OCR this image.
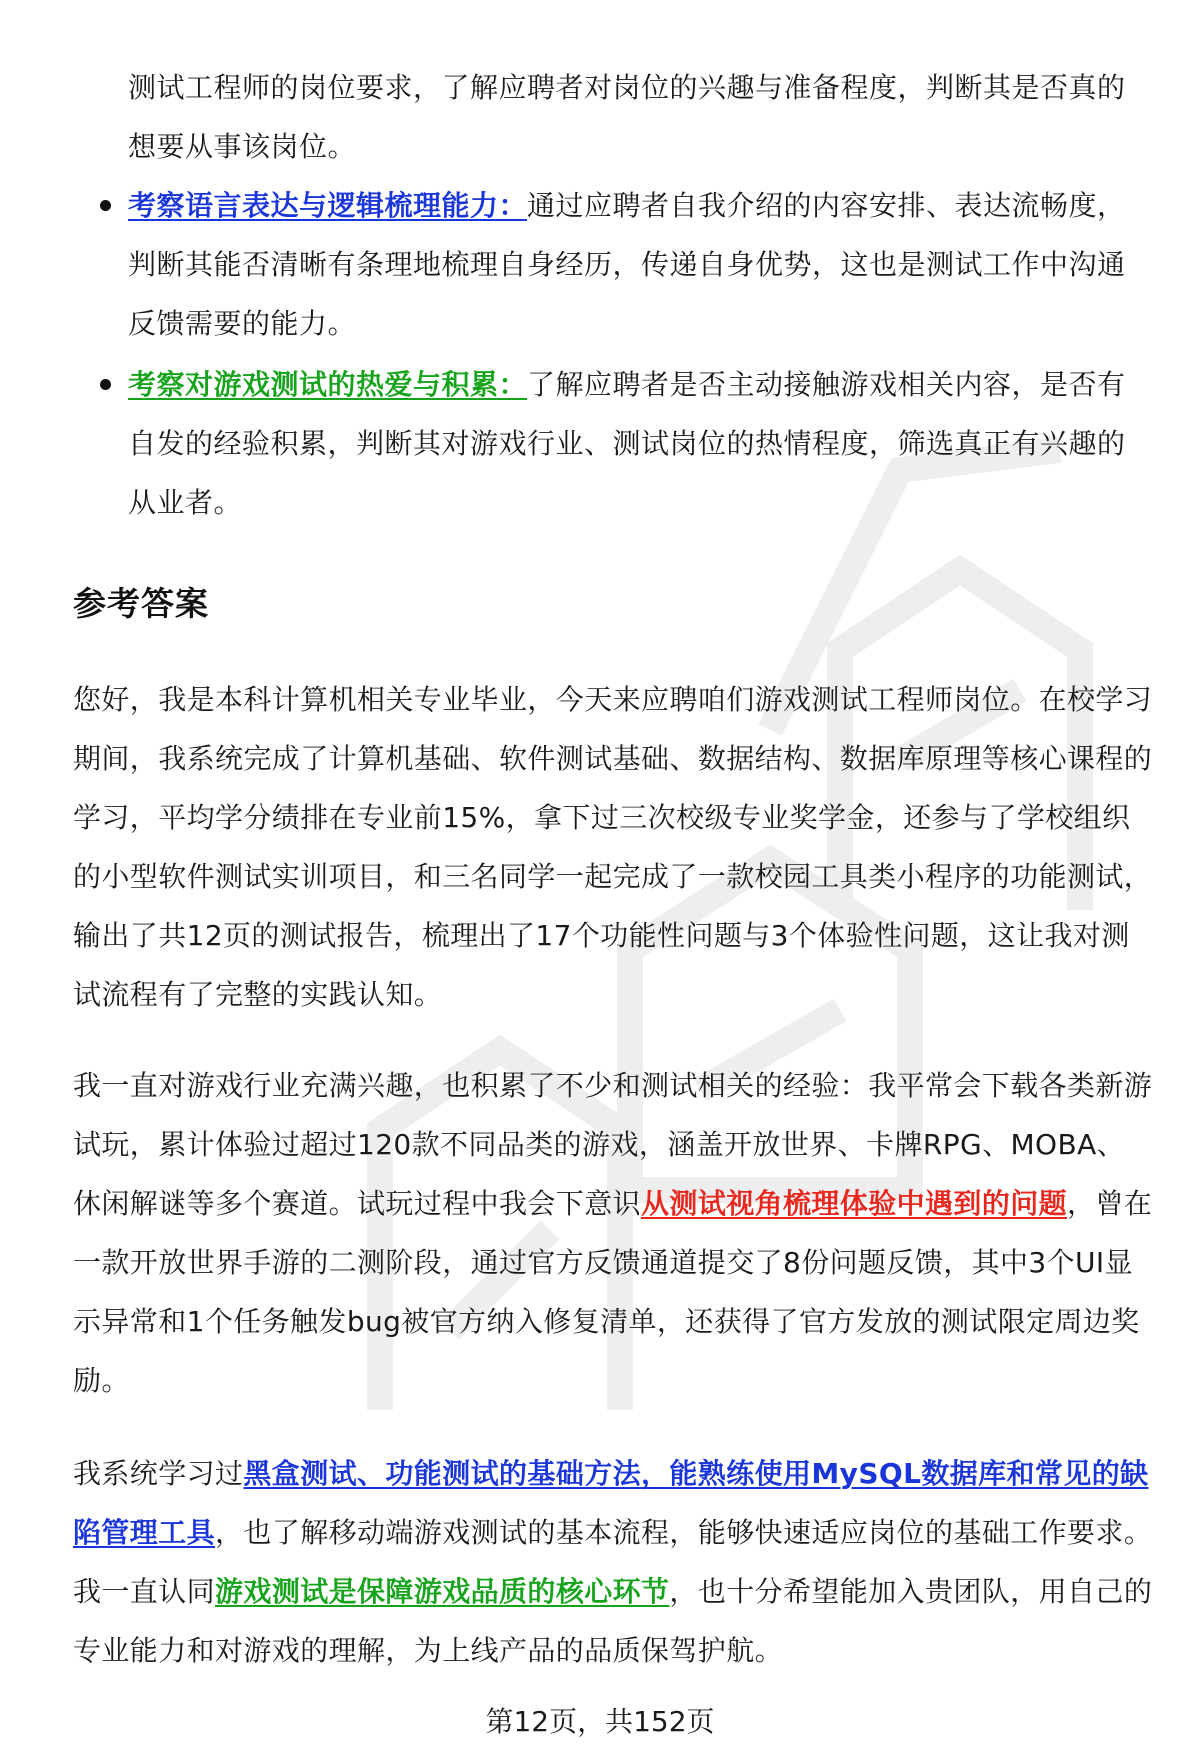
测试工程师的岗位要求，了解应聘者对岗位的兴趣与准备程度，判断其是否真的想要从事该岗位。

考察语言表达与逻辑梳理能力：通过应聘者自我介绍的内容安排、表达流畅度，判断其能否清晰有条理地梳理自身经历，传递自身优势，这也是测试工作中沟通反馈需要的能力。
考察对游戏测试的热爱与积累：了解应聘者是否主动接触游戏相关内容，是否有自发的经验积累，判断其对游戏行业、测试岗位的热情程度，筛选真正有兴趣的从业者。
参考答案

您好，我是本科计算机相关专业毕业，今天来应聘咱们游戏测试工程师岗位。在校学习期间，我系统完成了计算机基础、软件测试基础、数据结构、数据库原理等核心课程的学习，平均学分绩排在专业前15%，拿下过三次校级专业奖学金，还参与了学校组织的小型软件测试实训项目，和三名同学一起完成了一款校园工具类小程序的功能测试，输出了共12页的测试报告，梳理出了17个功能性问题与3个体验性问题，这让我对测试流程有了完整的实践认知。

我一直对游戏行业充满兴趣，也积累了不少和测试相关的经验：我平常会下载各类新游试玩，累计体验过超过120款不同品类的游戏，涵盖开放世界、卡牌RPG、MOBA、休闲解谜等多个赛道。试玩过程中我会下意识从测试视角梳理体验中遇到的问题，曾在一款开放世界手游的二测阶段，通过官方反馈通道提交了8份问题反馈，其中3个UI显示异常和1个任务触发bug被官方纳入修复清单，还获得了官方发放的测试限定周边奖励。

我系统学习过黑盒测试、功能测试的基础方法，能熟练使用MySQL数据库和常见的缺陷管理工具，也了解移动端游戏测试的基本流程，能够快速适应岗位的基础工作要求。我一直认同游戏测试是保障游戏品质的核心环节，也十分希望能加入贵团队，用自己的专业能力和对游戏的理解，为上线产品的品质保驾护航。

第12页，共152页
